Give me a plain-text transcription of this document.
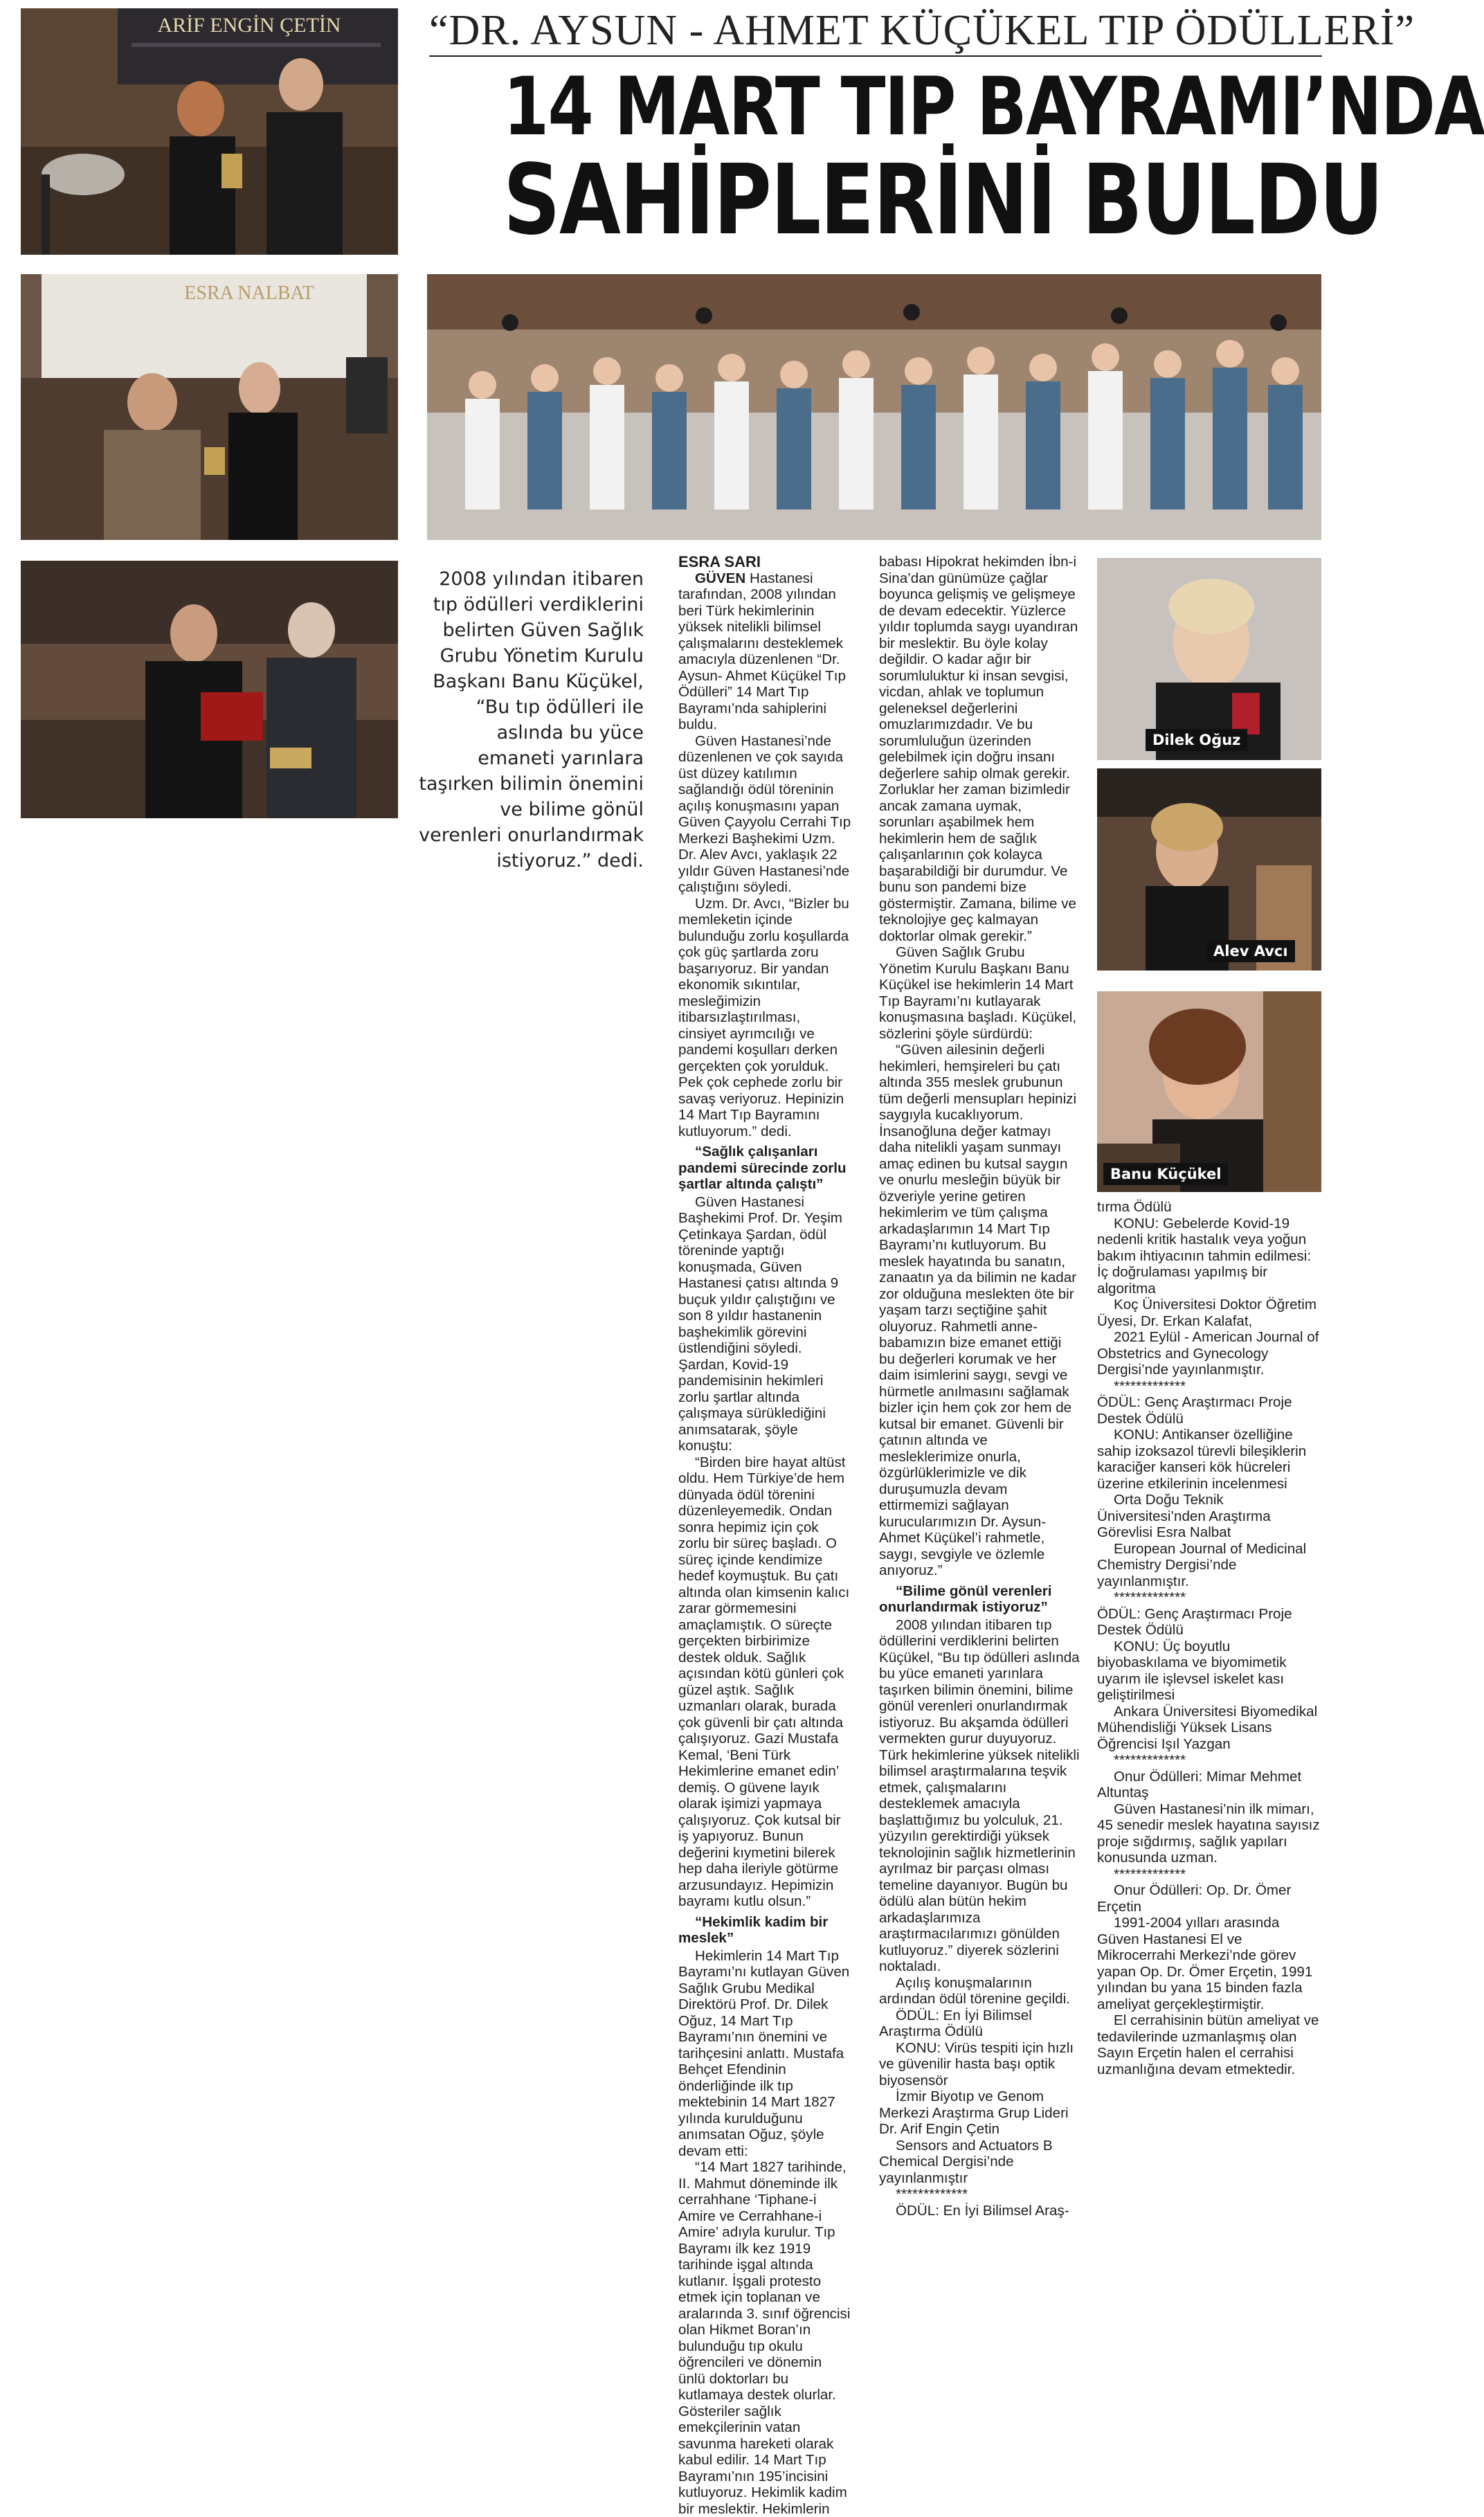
“DR. AYSUN - AHMET KÜÇÜKEL TIP ÖDÜLLERİ”
14 MART TIP BAYRAMI’NDA
SAHİPLERİNİ BULDU
ARİF ENGİN ÇETİN
ESRA NALBAT
Dilek Oğuz
Alev Avcı
Banu Küçükel
2008 yılından itibaren tıp ödülleri verdiklerini belirten Güven Sağlık Grubu Yönetim Kurulu Başkanı Banu Küçükel, “Bu tıp ödülleri ile aslında bu yüce emaneti yarınlara taşırken bilimin önemini ve bilime gönül verenleri onurlandırmak istiyoruz.” dedi.

ESRA SARI

GÜVEN Hastanesi tarafından, 2008 yılından beri Türk hekimlerinin yüksek nitelikli bilimsel çalışmalarını desteklemek amacıyla düzenlenen “Dr. Aysun- Ahmet Küçükel Tıp Ödülleri” 14 Mart Tıp Bayramı’nda sahiplerini buldu.

Güven Hastanesi’nde düzenlenen ve çok sayıda üst düzey katılımın sağlandığı ödül töreninin açılış konuşmasını yapan Güven Çayyolu Cerrahi Tıp Merkezi Başhekimi Uzm. Dr. Alev Avcı, yaklaşık 22 yıldır Güven Hastanesi’nde çalıştığını söyledi.

Uzm. Dr. Avcı, “Bizler bu memleketin içinde bulunduğu zorlu koşullarda çok güç şartlarda zoru başarıyoruz. Bir yandan ekonomik sıkıntılar, mesleğimizin itibarsızlaştırılması, cinsiyet ayrımcılığı ve pandemi koşulları derken gerçekten çok yorulduk. Pek çok cephede zorlu bir savaş veriyoruz. Hepinizin 14 Mart Tıp Bayramını kutluyorum.” dedi.

“Sağlık çalışanları pandemi sürecinde zorlu şartlar altında çalıştı”

Güven Hastanesi Başhekimi Prof. Dr. Yeşim Çetinkaya Şardan, ödül töreninde yaptığı konuşmada, Güven Hastanesi çatısı altında 9 buçuk yıldır çalıştığını ve son 8 yıldır hastanenin başhekimlik görevini üstlendiğini söyledi. Şardan, Kovid-19 pandemisinin hekimleri zorlu şartlar altında çalışmaya sürüklediğini anımsatarak, şöyle konuştu:

“Birden bire hayat altüst oldu. Hem Türkiye’de hem dünyada ödül törenini düzenleyemedik. Ondan sonra hepimiz için çok zorlu bir süreç başladı. O süreç içinde kendimize hedef koymuştuk. Bu çatı altında olan kimsenin kalıcı zarar görmemesini amaçlamıştık. O süreçte gerçekten birbirimize destek olduk. Sağlık açısından kötü günleri çok güzel aştık. Sağlık uzmanları olarak, burada çok güvenli bir çatı altında çalışıyoruz. Gazi Mustafa Kemal, ‘Beni Türk Hekimlerine emanet edin’ demiş. O güvene layık olarak işimizi yapmaya çalışıyoruz. Çok kutsal bir iş yapıyoruz. Bunun değerini kıymetini bilerek hep daha ileriyle götürme arzusundayız. Hepimizin bayramı kutlu olsun.”

“Hekimlik kadim bir meslek”

Hekimlerin 14 Mart Tıp Bayramı’nı kutlayan Güven Sağlık Grubu Medikal Direktörü Prof. Dr. Dilek Oğuz, 14 Mart Tıp Bayramı’nın önemini ve tarihçesini anlattı. Mustafa Behçet Efendinin önderliğinde ilk tıp mektebinin 14 Mart 1827 yılında kurulduğunu anımsatan Oğuz, şöyle devam etti:

“14 Mart 1827 tarihinde, II. Mahmut döneminde ilk cerrahhane ‘Tiphane-i Amire ve Cerrahhane-i Amire’ adıyla kurulur. Tıp Bayramı ilk kez 1919 tarihinde işgal altında kutlanır. İşgali protesto etmek için toplanan ve aralarında 3. sınıf öğrencisi olan Hikmet Boran’ın bulunduğu tıp okulu öğrencileri ve dönemin ünlü doktorları bu kutlamaya destek olurlar. Gösteriler sağlık emekçilerinin vatan savunma hareketi olarak kabul edilir. 14 Mart Tıp Bayramı’nın 195’incisini kutluyoruz. Hekimlik kadim bir meslektir. Hekimlerin

babası Hipokrat hekimden İbn-i Sina’dan günümüze çağlar boyunca gelişmiş ve gelişmeye de devam edecektir. Yüzlerce yıldır toplumda saygı uyandıran bir meslektir. Bu öyle kolay değildir. O kadar ağır bir sorumluluktur ki insan sevgisi, vicdan, ahlak ve toplumun geleneksel değerlerini omuzlarımızdadır. Ve bu sorumluluğun üzerinden gelebilmek için doğru insanı değerlere sahip olmak gerekir. Zorluklar her zaman bizimledir ancak zamana uymak, sorunları aşabilmek hem hekimlerin hem de sağlık çalışanlarının çok kolayca başarabildiği bir durumdur. Ve bunu son pandemi bize göstermiştir. Zamana, bilime ve teknolojiye geç kalmayan doktorlar olmak gerekir.”

Güven Sağlık Grubu Yönetim Kurulu Başkanı Banu Küçükel ise hekimlerin 14 Mart Tıp Bayramı’nı kutlayarak konuşmasına başladı. Küçükel, sözlerini şöyle sürdürdü:

“Güven ailesinin değerli hekimleri, hemşireleri bu çatı altında 355 meslek grubunun tüm değerli mensupları hepinizi saygıyla kucaklıyorum. İnsanoğluna değer katmayı daha nitelikli yaşam sunmayı amaç edinen bu kutsal saygın ve onurlu mesleğin büyük bir özveriyle yerine getiren hekimlerim ve tüm çalışma arkadaşlarımın 14 Mart Tıp Bayramı’nı kutluyorum. Bu meslek hayatında bu sanatın, zanaatın ya da bilimin ne kadar zor olduğuna meslekten öte bir yaşam tarzı seçtiğine şahit oluyoruz. Rahmetli anne-babamızın bize emanet ettiği bu değerleri korumak ve her daim isimlerini saygı, sevgi ve hürmetle anılmasını sağlamak bizler için hem çok zor hem de kutsal bir emanet. Güvenli bir çatının altında ve mesleklerimize onurla, özgürlüklerimizle ve dik duruşumuzla devam ettirmemizi sağlayan kurucularımızın Dr. Aysun- Ahmet Küçükel’i rahmetle, saygı, sevgiyle ve özlemle anıyoruz.”

“Bilime gönül verenleri onurlandırmak istiyoruz”

2008 yılından itibaren tıp ödüllerini verdiklerini belirten Küçükel, “Bu tıp ödülleri aslında bu yüce emaneti yarınlara taşırken bilimin önemini, bilime gönül verenleri onurlandırmak istiyoruz. Bu akşamda ödülleri vermekten gurur duyuyoruz. Türk hekimlerine yüksek nitelikli bilimsel araştırmalarına teşvik etmek, çalışmalarını desteklemek amacıyla başlattığımız bu yolculuk, 21. yüzyılın gerektirdiği yüksek teknolojinin sağlık hizmetlerinin ayrılmaz bir parçası olması temeline dayanıyor. Bugün bu ödülü alan bütün hekim arkadaşlarımıza araştırmacılarımızı gönülden kutluyoruz.” diyerek sözlerini noktaladı.

Açılış konuşmalarının ardından ödül törenine geçildi.

ÖDÜL: En İyi Bilimsel Araştırma Ödülü

KONU: Virüs tespiti için hızlı ve güvenilir hasta başı optik biyosensör

İzmir Biyotıp ve Genom Merkezi Araştırma Grup Lideri Dr. Arif Engin Çetin

Sensors and Actuators B Chemical Dergisi’nde yayınlanmıştır

*************

ÖDÜL: En İyi Bilimsel Araş-

tırma Ödülü

KONU: Gebelerde Kovid-19 nedenli kritik hastalık veya yoğun bakım ihtiyacının tahmin edilmesi: İç doğrulaması yapılmış bir algoritma

Koç Üniversitesi Doktor Öğretim Üyesi, Dr. Erkan Kalafat,

2021 Eylül - American Journal of Obstetrics and Gynecology Dergisi’nde yayınlanmıştır.

*************

ÖDÜL: Genç Araştırmacı Proje Destek Ödülü

KONU: Antikanser özelliğine sahip izoksazol türevli bileşiklerin karaciğer kanseri kök hücreleri üzerine etkilerinin incelenmesi

Orta Doğu Teknik Üniversitesi’nden Araştırma Görevlisi Esra Nalbat

European Journal of Medicinal Chemistry Dergisi’nde yayınlanmıştır.

*************

ÖDÜL: Genç Araştırmacı Proje Destek Ödülü

KONU: Üç boyutlu biyobaskılama ve biyomimetik uyarım ile işlevsel iskelet kası geliştirilmesi

Ankara Üniversitesi Biyomedikal Mühendisliği Yüksek Lisans Öğrencisi Işıl Yazgan

*************

Onur Ödülleri: Mimar Mehmet Altuntaş

Güven Hastanesi’nin ilk mimarı, 45 senedir meslek hayatına sayısız proje sığdırmış, sağlık yapıları konusunda uzman.

*************

Onur Ödülleri: Op. Dr. Ömer Erçetin

1991-2004 yılları arasında Güven Hastanesi El ve Mikrocerrahi Merkezi’nde görev yapan Op. Dr. Ömer Erçetin, 1991 yılından bu yana 15 binden fazla ameliyat gerçekleştirmiştir.

El cerrahisinin bütün ameliyat ve tedavilerinde uzmanlaşmış olan Sayın Erçetin halen el cerrahisi uzmanlığına devam etmektedir.
